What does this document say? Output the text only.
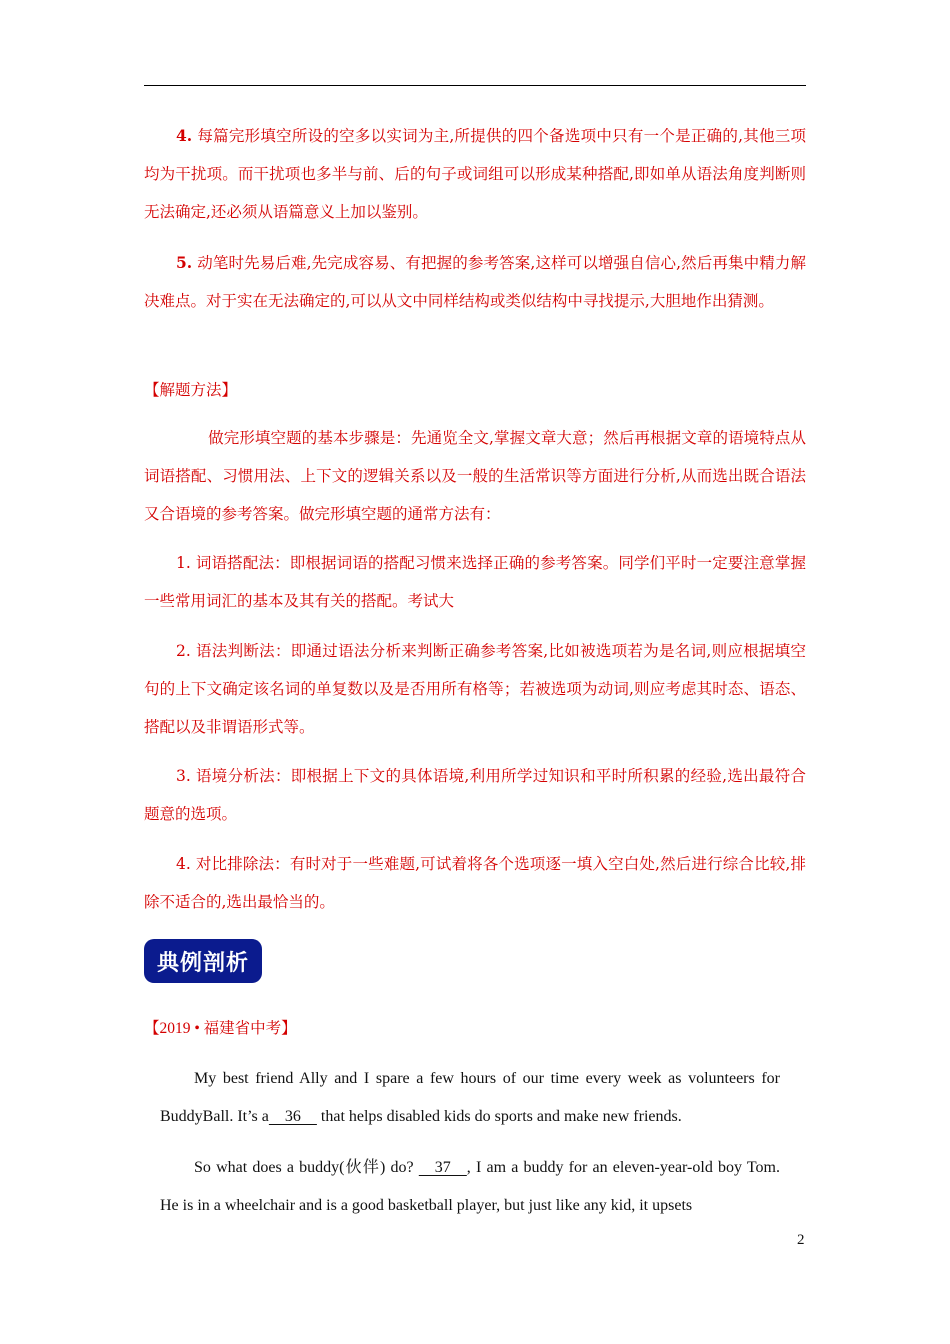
4. 每篇完形填空所设的空多以实词为主,所提供的四个备选项中只有一个是正确的,其他三项均为干扰项。而干扰项也多半与前、后的句子或词组可以形成某种搭配,即如单从语法角度判断则无法确定,还必须从语篇意义上加以鉴别。
5. 动笔时先易后难,先完成容易、有把握的参考答案,这样可以增强自信心,然后再集中精力解决难点。对于实在无法确定的,可以从文中同样结构或类似结构中寻找提示,大胆地作出猜测。
【解题方法】
做完形填空题的基本步骤是：先通览全文,掌握文章大意；然后再根据文章的语境特点从词语搭配、习惯用法、上下文的逻辑关系以及一般的生活常识等方面进行分析,从而选出既合语法又合语境的参考答案。做完形填空题的通常方法有：
1. 词语搭配法：即根据词语的搭配习惯来选择正确的参考答案。同学们平时一定要注意掌握一些常用词汇的基本及其有关的搭配。考试大
2. 语法判断法：即通过语法分析来判断正确参考答案,比如被选项若为是名词,则应根据填空句的上下文确定该名词的单复数以及是否用所有格等；若被选项为动词,则应考虑其时态、语态、搭配以及非谓语形式等。
3. 语境分析法：即根据上下文的具体语境,利用所学过知识和平时所积累的经验,选出最符合题意的选项。
4. 对比排除法：有时对于一些难题,可试着将各个选项逐一填入空白处,然后进行综合比较,排除不适合的,选出最恰当的。
典例剖析
【2019 • 福建省中考】
My best friend Ally and I spare a few hours of our time every week as volunteers for BuddyBall. It’s a    36     that helps disabled kids do sports and make new friends.
So what does a buddy(伙伴) do?     37    , I am a buddy for an eleven-year-old boy Tom. He is in a wheelchair and is a good basketball player, but just like any kid, it upsets
2
